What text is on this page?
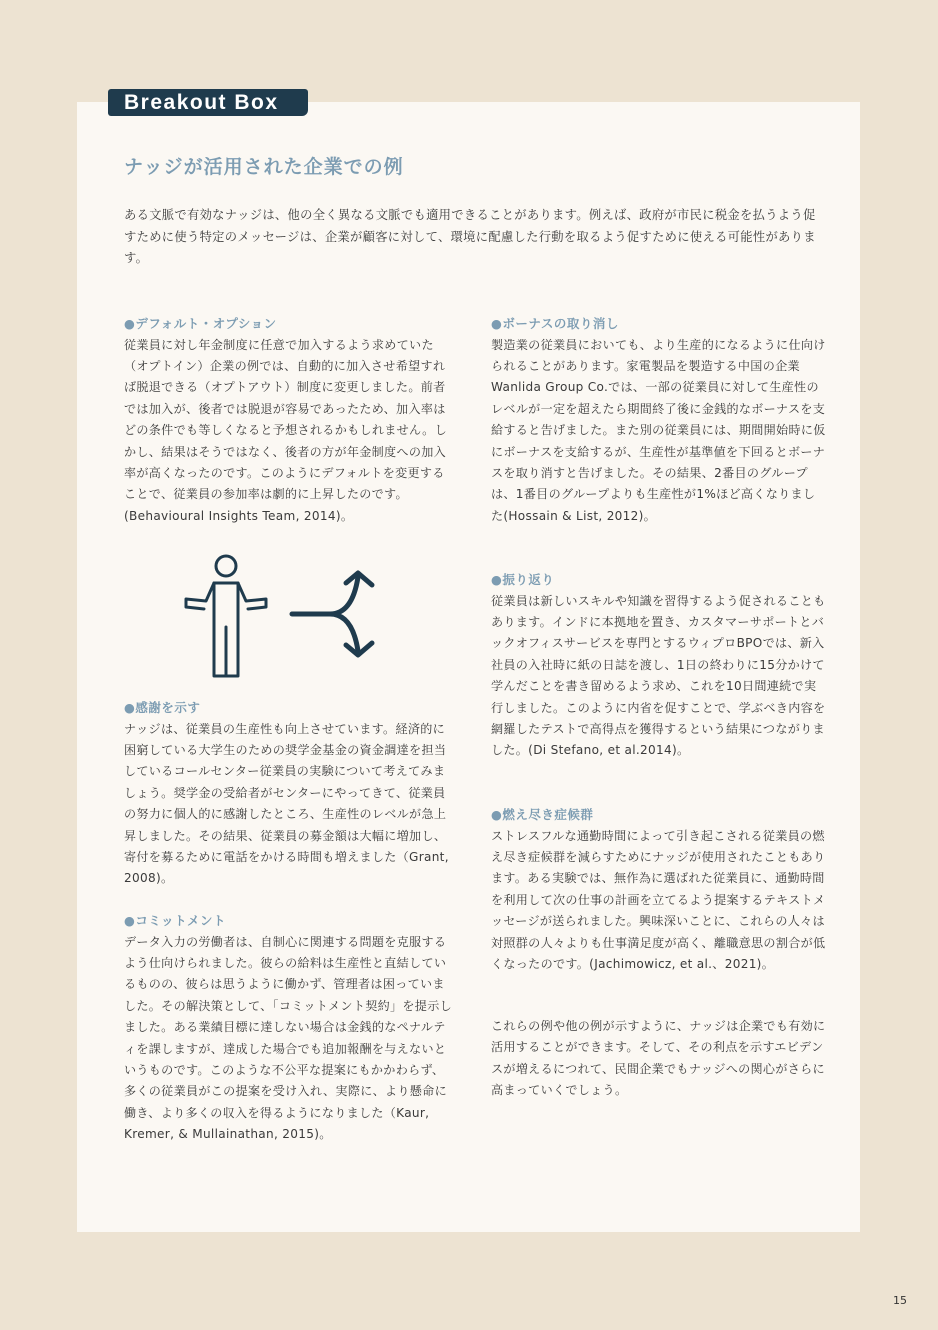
Breakout Box
ナッジが活用された企業での例
ある文脈で有効なナッジは、他の全く異なる文脈でも適用できることがあります。例えば、政府が市民に税金を払うよう促すために使う特定のメッセージは、企業が顧客に対して、環境に配慮した行動を取るよう促すために使える可能性があります。
●デフォルト・オプション

従業員に対し年金制度に任意で加入するよう求めていた（オプトイン）企業の例では、自動的に加入させ希望すれば脱退できる（オプトアウト）制度に変更しました。前者では加入が、後者では脱退が容易であったため、加入率はどの条件でも等しくなると予想されるかもしれません。しかし、結果はそうではなく、後者の方が年金制度への加入率が高くなったのです。このようにデフォルトを変更することで、従業員の参加率は劇的に上昇したのです。(Behavioural Insights Team, 2014)。

●感謝を示す

ナッジは、従業員の生産性も向上させています。経済的に困窮している大学生のための奨学金基金の資金調達を担当しているコールセンター従業員の実験について考えてみましょう。奨学金の受給者がセンターにやってきて、従業員の努力に個人的に感謝したところ、生産性のレベルが急上昇しました。その結果、従業員の募金額は大幅に増加し、寄付を募るために電話をかける時間も増えました（Grant, 2008)。

●コミットメント

データ入力の労働者は、自制心に関連する問題を克服するよう仕向けられました。彼らの給料は生産性と直結しているものの、彼らは思うように働かず、管理者は困っていました。その解決策として、「コミットメント契約」を提示しました。ある業績目標に達しない場合は金銭的なペナルティを課しますが、達成した場合でも追加報酬を与えないというものです。このような不公平な提案にもかかわらず、多くの従業員がこの提案を受け入れ、実際に、より懸命に働き、より多くの収入を得るようになりました（Kaur, Kremer, & Mullainathan, 2015)。

●ボーナスの取り消し

製造業の従業員においても、より生産的になるように仕向けられることがあります。家電製品を製造する中国の企業Wanlida Group Co.では、一部の従業員に対して生産性のレベルが一定を超えたら期間終了後に金銭的なボーナスを支給すると告げました。また別の従業員には、期間開始時に仮にボーナスを支給するが、生産性が基準値を下回るとボーナスを取り消すと告げました。その結果、2番目のグループは、1番目のグループよりも生産性が1%ほど高くなりました(Hossain & List, 2012)。

●振り返り

従業員は新しいスキルや知識を習得するよう促されることもあります。インドに本拠地を置き、カスタマーサポートとバックオフィスサービスを専門とするウィプロBPOでは、新入社員の入社時に紙の日誌を渡し、1日の終わりに15分かけて学んだことを書き留めるよう求め、これを10日間連続で実行しました。このように内省を促すことで、学ぶべき内容を網羅したテストで高得点を獲得するという結果につながりました。(Di Stefano, et al.2014)。

●燃え尽き症候群

ストレスフルな通勤時間によって引き起こされる従業員の燃え尽き症候群を減らすためにナッジが使用されたこともあります。ある実験では、無作為に選ばれた従業員に、通勤時間を利用して次の仕事の計画を立てるよう提案するテキストメッセージが送られました。興味深いことに、これらの人々は対照群の人々よりも仕事満足度が高く、離職意思の割合が低くなったのです。(Jachimowicz, et al.、2021)。

これらの例や他の例が示すように、ナッジは企業でも有効に活用することができます。そして、その利点を示すエビデンスが増えるにつれて、民間企業でもナッジへの関心がさらに高まっていくでしょう。

15
